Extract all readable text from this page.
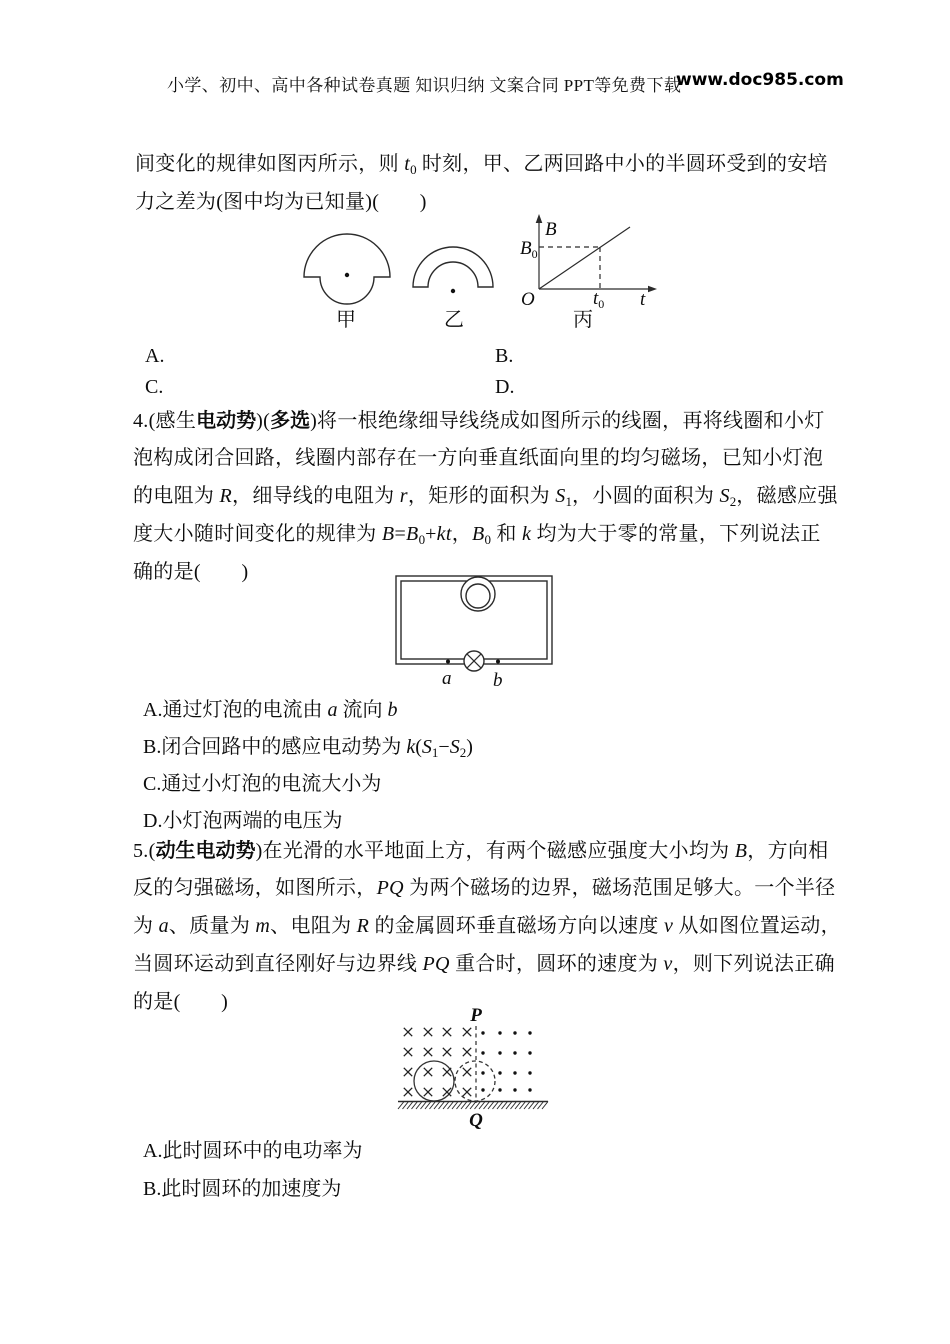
小学、初中、高中各种试卷真题 知识归纳 文案合同 PPT等免费下载
www.doc985.com
间变化的规律如图丙所示，则 $t_0$ 时刻，甲、乙两回路中小的半圆环受到的安培
力之差为(图中均为已知量)(　　)
B
t
O
$B_0$
$t_0$
甲	乙	丙
A.	B.
C.	D.
4.(感生电动势)(多选)将一根绝缘细导线绕成如图所示的线圈，再将线圈和小灯
泡构成闭合回路，线圈内部存在一方向垂直纸面向里的均匀磁场，已知小灯泡
的电阻为 R，细导线的电阻为 r，矩形的面积为 $S_1$，小圆的面积为 $S_2$，磁感应强
度大小随时间变化的规律为 $B=B_0+kt$，$B_0$ 和 k 均为大于零的常量，下列说法正
确的是(　　)
a b
A.通过灯泡的电流由 a 流向 b
B.闭合回路中的感应电动势为 $k(S_1-S_2)$
C.通过小灯泡的电流大小为
D.小灯泡两端的电压为
5.(动生电动势)在光滑的水平地面上方，有两个磁感应强度大小均为 B，方向相
反的匀强磁场，如图所示，PQ 为两个磁场的边界，磁场范围足够大。一个半径
为 a、质量为 m、电阻为 R 的金属圆环垂直磁场方向以速度 v 从如图位置运动，
当圆环运动到直径刚好与边界线 PQ 重合时，圆环的速度为 v，则下列说法正确
的是(　　)
P
Q
A.此时圆环中的电功率为
B.此时圆环的加速度为
